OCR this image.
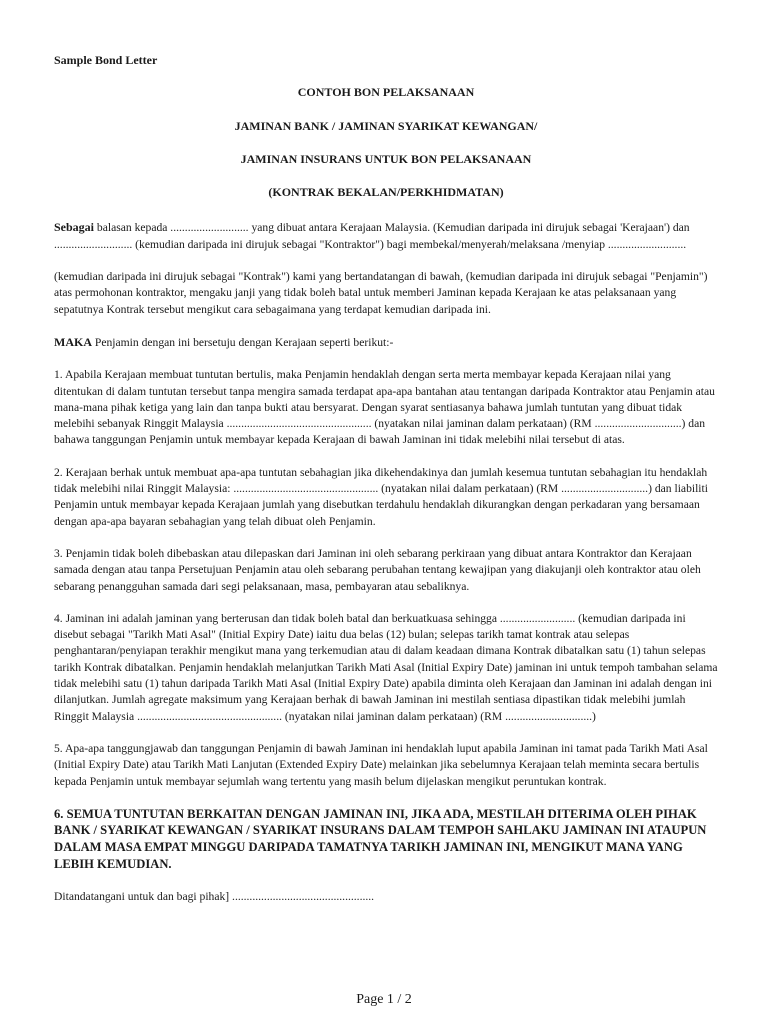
Sample Bond Letter
CONTOH BON PELAKSANAAN
JAMINAN BANK / JAMINAN SYARIKAT KEWANGAN/
JAMINAN INSURANS UNTUK BON PELAKSANAAN
(KONTRAK BEKALAN/PERKHIDMATAN)

Sebagai balasan kepada ........................... yang dibuat antara Kerajaan Malaysia. (Kemudian daripada ini dirujuk sebagai 'Kerajaan') dan ........................... (kemudian daripada ini dirujuk sebagai "Kontraktor") bagi membekal/menyerah/melaksana /menyiap ...........................

(kemudian daripada ini dirujuk sebagai "Kontrak") kami yang bertandatangan di bawah, (kemudian daripada ini dirujuk sebagai "Penjamin") atas permohonan kontraktor, mengaku janji yang tidak boleh batal untuk memberi Jaminan kepada Kerajaan ke atas pelaksanaan yang sepatutnya Kontrak tersebut mengikut cara sebagaimana yang terdapat kemudian daripada ini.

MAKA Penjamin dengan ini bersetuju dengan Kerajaan seperti berikut:-

1. Apabila Kerajaan membuat tuntutan bertulis, maka Penjamin hendaklah dengan serta merta membayar kepada Kerajaan nilai yang ditentukan di dalam tuntutan tersebut tanpa mengira samada terdapat apa-apa bantahan atau tentangan daripada Kontraktor atau Penjamin atau mana-mana pihak ketiga yang lain dan tanpa bukti atau bersyarat. Dengan syarat sentiasanya bahawa jumlah tuntutan yang dibuat tidak melebihi sebanyak Ringgit Malaysia .................................................. (nyatakan nilai jaminan dalam perkataan) (RM ..............................) dan bahawa tanggungan Penjamin untuk membayar kepada Kerajaan di bawah Jaminan ini tidak melebihi nilai tersebut di atas.

2. Kerajaan berhak untuk membuat apa-apa tuntutan sebahagian jika dikehendakinya dan jumlah kesemua tuntutan sebahagian itu hendaklah tidak melebihi nilai Ringgit Malaysia: .................................................. (nyatakan nilai dalam perkataan) (RM ..............................) dan liabiliti Penjamin untuk membayar kepada Kerajaan jumlah yang disebutkan terdahulu hendaklah dikurangkan dengan perkadaran yang bersamaan dengan apa-apa bayaran sebahagian yang telah dibuat oleh Penjamin.

3. Penjamin tidak boleh dibebaskan atau dilepaskan dari Jaminan ini oleh sebarang perkiraan yang dibuat antara Kontraktor dan Kerajaan samada dengan atau tanpa Persetujuan Penjamin atau oleh sebarang perubahan tentang kewajipan yang diakujanji oleh kontraktor atau oleh sebarang penangguhan samada dari segi pelaksanaan, masa, pembayaran atau sebaliknya.

4. Jaminan ini adalah jaminan yang berterusan dan tidak boleh batal dan berkuatkuasa sehingga .......................... (kemudian daripada ini disebut sebagai "Tarikh Mati Asal" (Initial Expiry Date) iaitu dua belas (12) bulan; selepas tarikh tamat kontrak atau selepas penghantaran/penyiapan terakhir mengikut mana yang terkemudian atau di dalam keadaan dimana Kontrak dibatalkan satu (1) tahun selepas tarikh Kontrak dibatalkan. Penjamin hendaklah melanjutkan Tarikh Mati Asal (Initial Expiry Date) jaminan ini untuk tempoh tambahan selama tidak melebihi satu (1) tahun daripada Tarikh Mati Asal (Initial Expiry Date) apabila diminta oleh Kerajaan dan Jaminan ini adalah dengan ini dilanjutkan. Jumlah agregate maksimum yang Kerajaan berhak di bawah Jaminan ini mestilah sentiasa dipastikan tidak melebihi jumlah Ringgit Malaysia .................................................. (nyatakan nilai jaminan dalam perkataan) (RM ..............................)

5. Apa-apa tanggungjawab dan tanggungan Penjamin di bawah Jaminan ini hendaklah luput apabila Jaminan ini tamat pada Tarikh Mati Asal (Initial Expiry Date) atau Tarikh Mati Lanjutan (Extended Expiry Date) melainkan jika sebelumnya Kerajaan telah meminta secara bertulis kepada Penjamin untuk membayar sejumlah wang tertentu yang masih belum dijelaskan mengikut peruntukan kontrak.

6. SEMUA TUNTUTAN BERKAITAN DENGAN JAMINAN INI, JIKA ADA, MESTILAH DITERIMA OLEH PIHAK BANK / SYARIKAT KEWANGAN / SYARIKAT INSURANS DALAM TEMPOH SAHLAKU JAMINAN INI ATAUPUN DALAM MASA EMPAT MINGGU DARIPADA TAMATNYA TARIKH JAMINAN INI, MENGIKUT MANA YANG LEBIH KEMUDIAN.

Ditandatangani untuk dan bagi pihak] .................................................

Page 1 / 2
